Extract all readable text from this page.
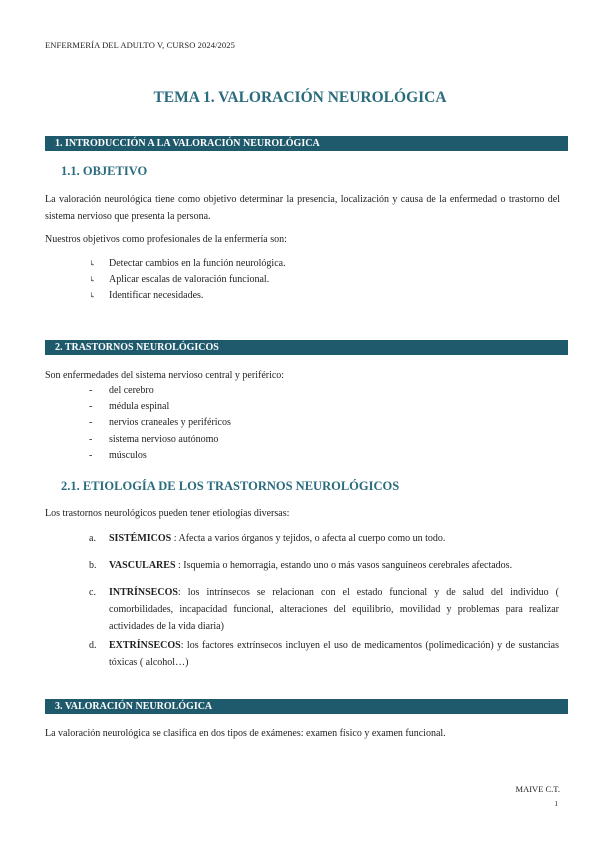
ENFERMERÍA DEL ADULTO V, CURSO 2024/2025
TEMA 1. VALORACIÓN NEUROLÓGICA
1. INTRODUCCIÓN A LA VALORACIÓN NEUROLÓGICA
1.1. OBJETIVO
La valoración neurológica tiene como objetivo determinar la presencia, localización y causa de la enfermedad o trastorno del sistema nervioso que presenta la persona.
Nuestros objetivos como profesionales de la enfermería son:
↳ Detectar cambios en la función neurológica.
↳ Aplicar escalas de valoración funcional.
↳ Identificar necesidades.
2. TRASTORNOS NEUROLÓGICOS
Son enfermedades del sistema nervioso central y periférico:
- del cerebro
- médula espinal
- nervios craneales y periféricos
- sistema nervioso autónomo
- músculos
2.1. ETIOLOGÍA DE LOS TRASTORNOS NEUROLÓGICOS
Los trastornos neurológicos pueden tener etiologías diversas:
a. SISTÉMICOS : Afecta a varios órganos y tejidos, o afecta al cuerpo como un todo.
b. VASCULARES : Isquemia o hemorragia, estando uno o más vasos sanguíneos cerebrales afectados.
c. INTRÍNSECOS: los intrínsecos se relacionan con el estado funcional y de salud del individuo ( comorbilidades, incapacidad funcional, alteraciones del equilibrio, movilidad y problemas para realizar actividades de la vida diaria)
d. EXTRÍNSECOS: los factores extrínsecos incluyen el uso de medicamentos (polimedicación) y de sustancias tóxicas ( alcohol…)
3. VALORACIÓN NEUROLÓGICA
La valoración neurológica se clasifica en dos tipos de exámenes: examen físico y examen funcional.
MAIVE C.T.
1
